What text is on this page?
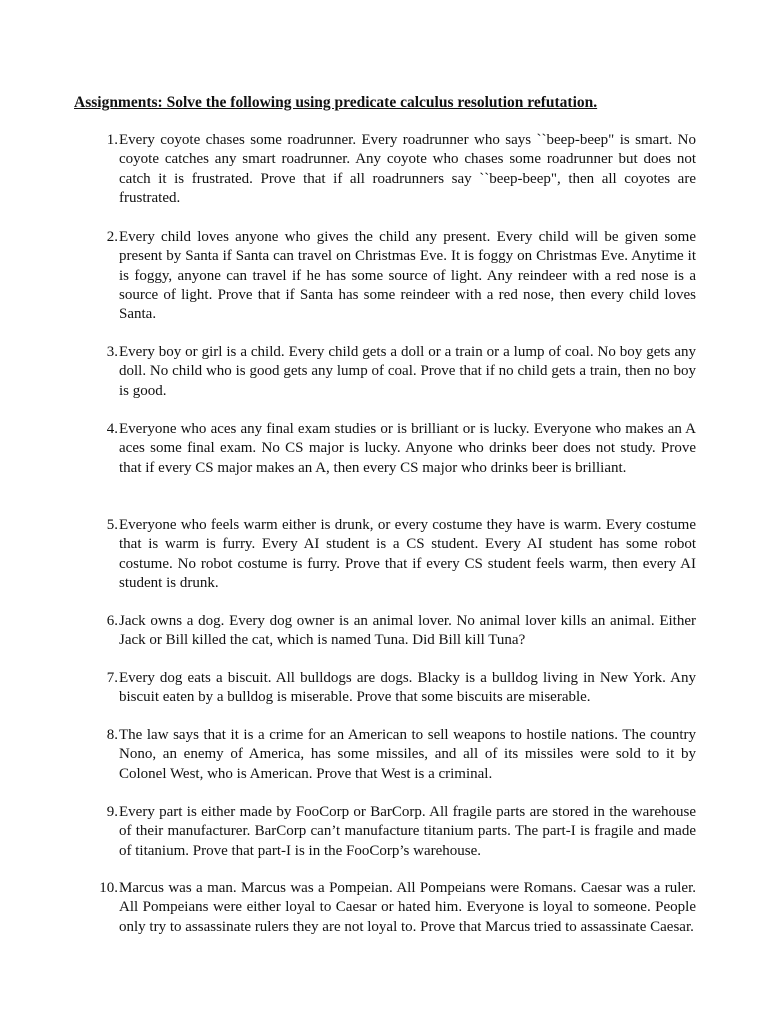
Assignments: Solve the following using predicate calculus resolution refutation.
1. Every coyote chases some roadrunner. Every roadrunner who says ``beep-beep" is smart. No coyote catches any smart roadrunner. Any coyote who chases some roadrunner but does not catch it is frustrated. Prove that if all roadrunners say ``beep-beep", then all coyotes are frustrated.
2. Every child loves anyone who gives the child any present. Every child will be given some present by Santa if Santa can travel on Christmas Eve. It is foggy on Christmas Eve. Anytime it is foggy, anyone can travel if he has some source of light. Any reindeer with a red nose is a source of light. Prove that if Santa has some reindeer with a red nose, then every child loves Santa.
3. Every boy or girl is a child. Every child gets a doll or a train or a lump of coal. No boy gets any doll. No child who is good gets any lump of coal. Prove that if no child gets a train, then no boy is good.
4. Everyone who aces any final exam studies or is brilliant or is lucky. Everyone who makes an A aces some final exam. No CS major is lucky. Anyone who drinks beer does not study. Prove that if every CS major makes an A, then every CS major who drinks beer is brilliant.
5. Everyone who feels warm either is drunk, or every costume they have is warm. Every costume that is warm is furry. Every AI student is a CS student. Every AI student has some robot costume. No robot costume is furry. Prove that if every CS student feels warm, then every AI student is drunk.
6. Jack owns a dog. Every dog owner is an animal lover. No animal lover kills an animal. Either Jack or Bill killed the cat, which is named Tuna. Did Bill kill Tuna?
7. Every dog eats a biscuit. All bulldogs are dogs. Blacky is a bulldog living in New York. Any biscuit eaten by a bulldog is miserable. Prove that some biscuits are miserable.
8. The law says that it is a crime for an American to sell weapons to hostile nations. The country Nono, an enemy of America, has some missiles, and all of its missiles were sold to it by Colonel West, who is American. Prove that West is a criminal.
9. Every part is either made by FooCorp or BarCorp. All fragile parts are stored in the warehouse of their manufacturer. BarCorp can’t manufacture titanium parts. The part-I is fragile and made of titanium. Prove that part-I is in the FooCorp’s warehouse.
10. Marcus was a man. Marcus was a Pompeian. All Pompeians were Romans. Caesar was a ruler. All Pompeians were either loyal to Caesar or hated him. Everyone is loyal to someone. People only try to assassinate rulers they are not loyal to. Prove that Marcus tried to assassinate Caesar.
